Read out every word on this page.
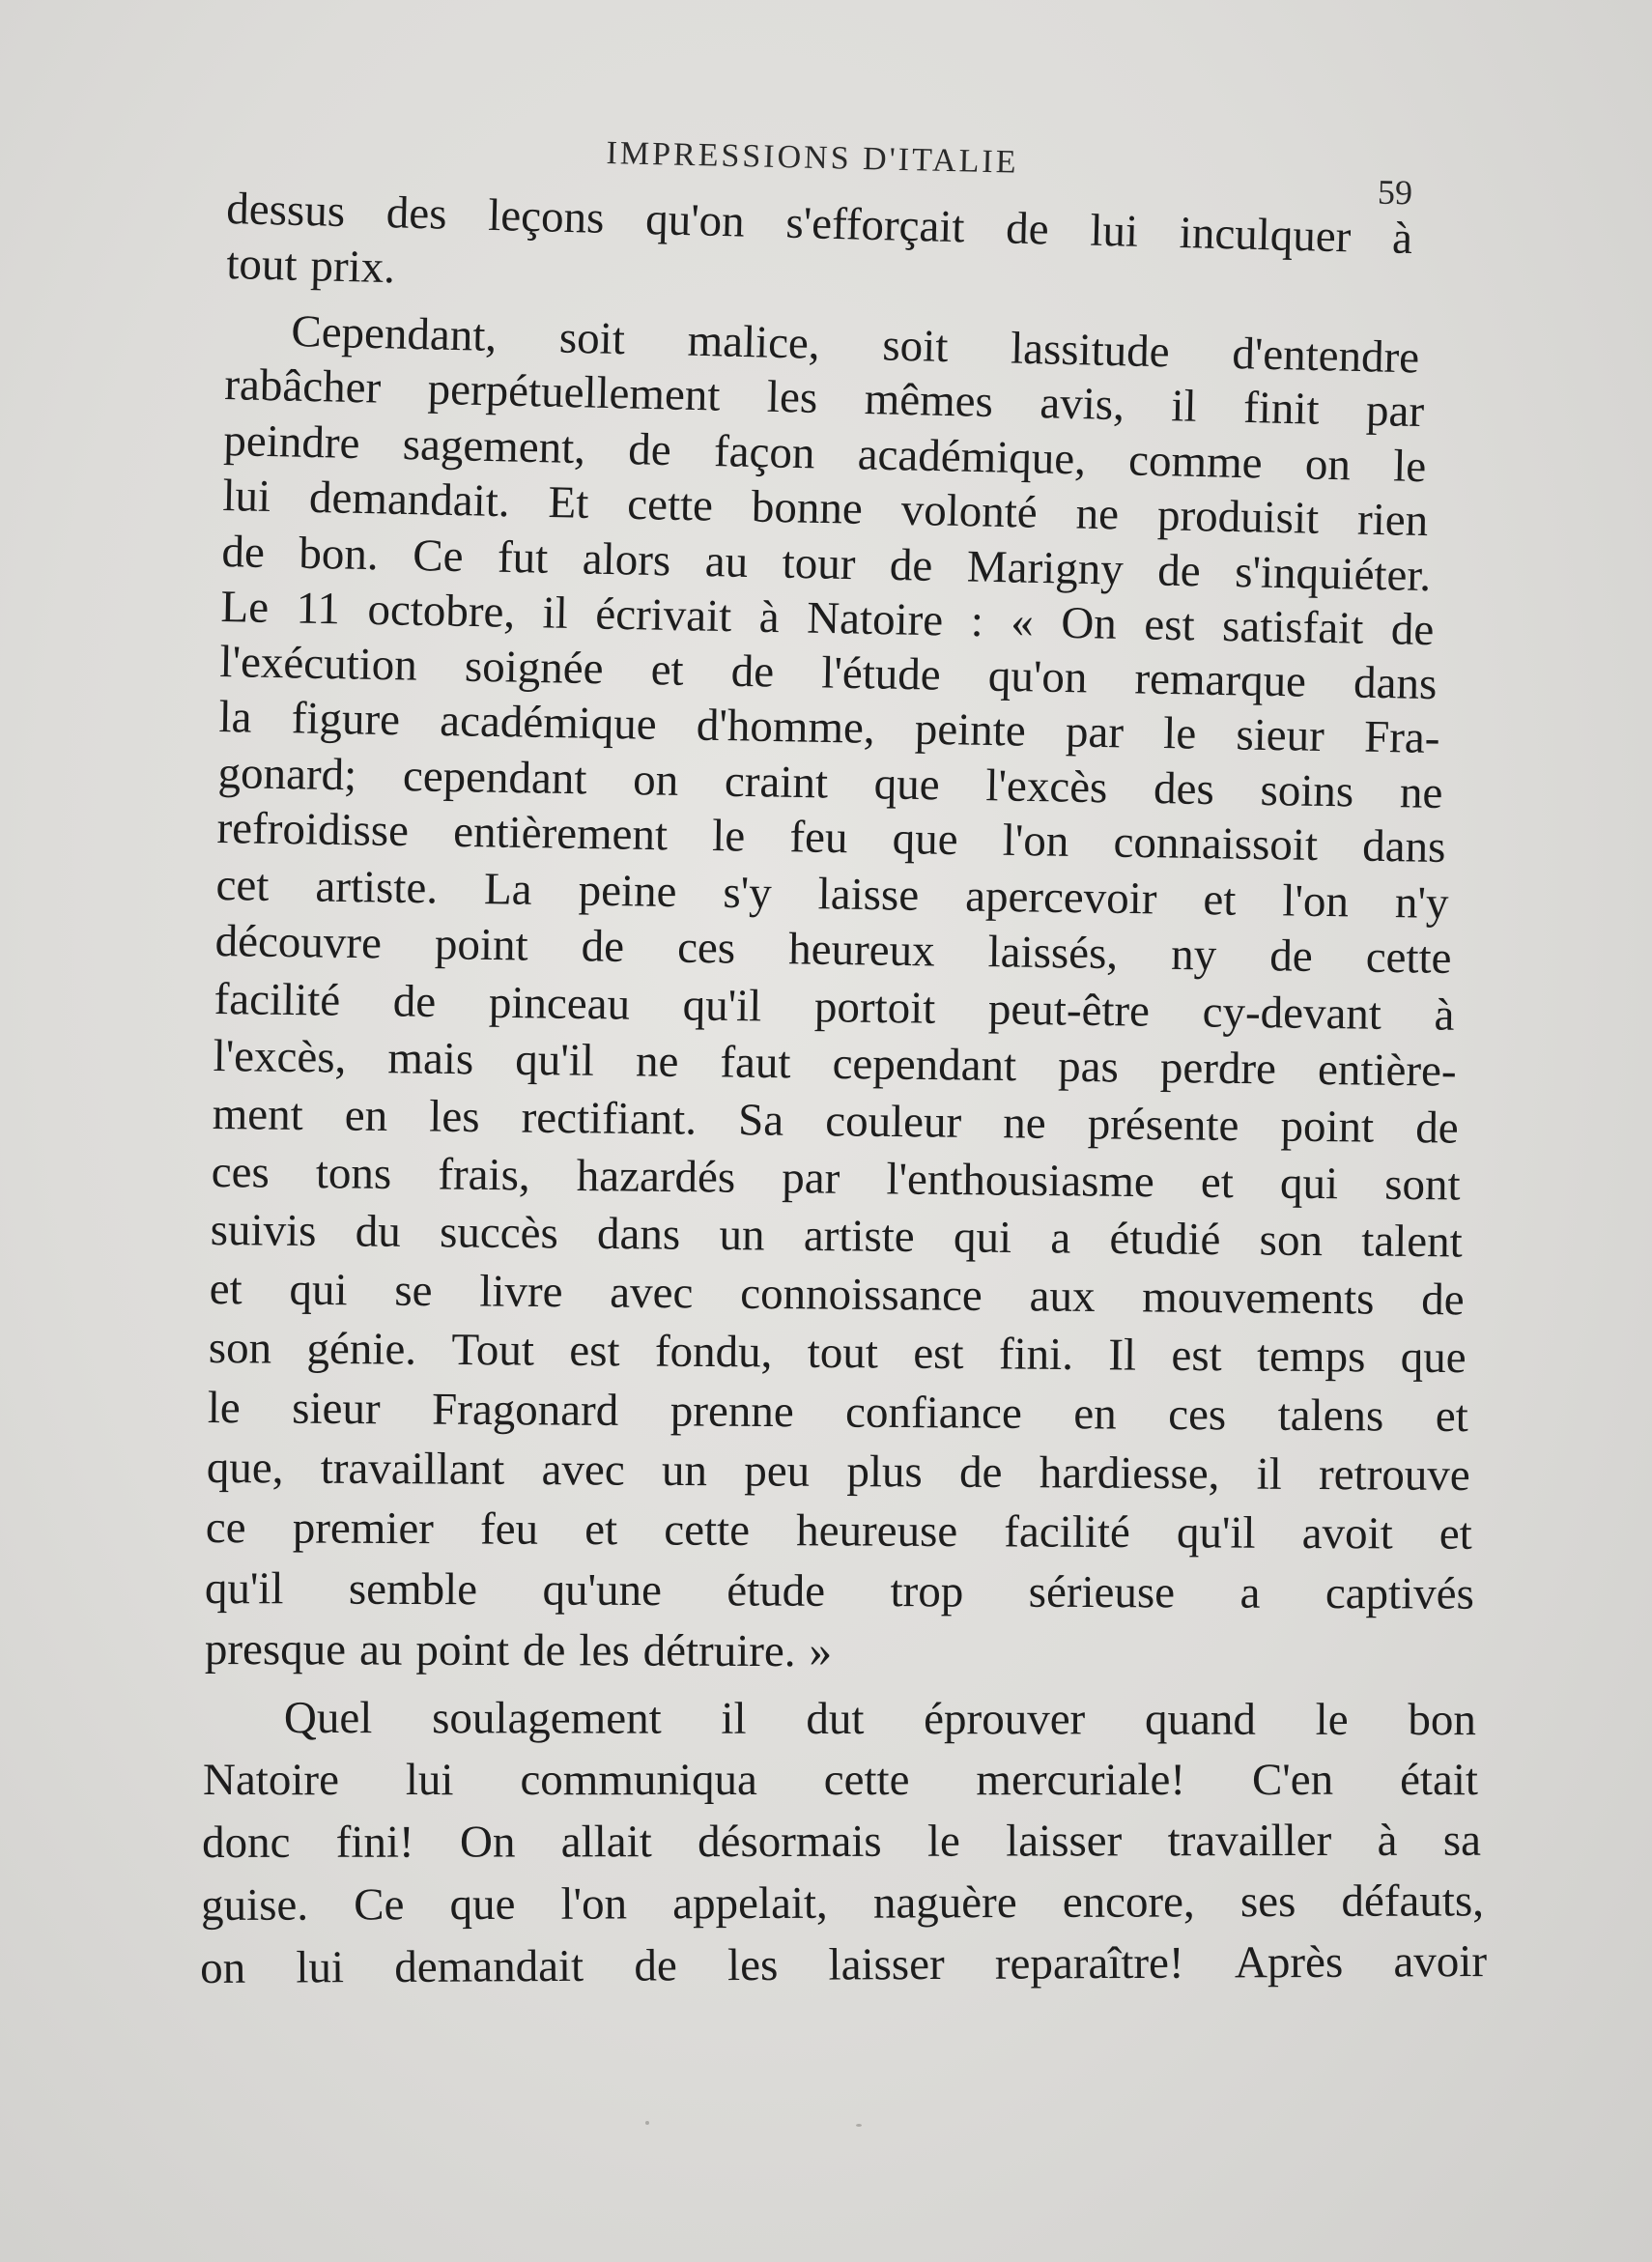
IMPRESSIONS D'ITALIE
59
dessus des leçons qu'on s'efforçait de lui inculquer à
tout prix.
Cependant, soit malice, soit lassitude d'entendre
rabâcher perpétuellement les mêmes avis, il finit par
peindre sagement, de façon académique, comme on le
lui demandait. Et cette bonne volonté ne produisit rien
de bon. Ce fut alors au tour de Marigny de s'inquiéter.
Le 11 octobre, il écrivait à Natoire : « On est satisfait de
l'exécution soignée et de l'étude qu'on remarque dans
la figure académique d'homme, peinte par le sieur Fra-
gonard; cependant on craint que l'excès des soins ne
refroidisse entièrement le feu que l'on connaissoit dans
cet artiste. La peine s'y laisse apercevoir et l'on n'y
découvre point de ces heureux laissés, ny de cette
facilité de pinceau qu'il portoit peut-être cy-devant à
l'excès, mais qu'il ne faut cependant pas perdre entière-
ment en les rectifiant. Sa couleur ne présente point de
ces tons frais, hazardés par l'enthousiasme et qui sont
suivis du succès dans un artiste qui a étudié son talent
et qui se livre avec connoissance aux mouvements de
son génie. Tout est fondu, tout est fini. Il est temps que
le sieur Fragonard prenne confiance en ces talens et
que, travaillant avec un peu plus de hardiesse, il retrouve
ce premier feu et cette heureuse facilité qu'il avoit et
qu'il semble qu'une étude trop sérieuse a captivés
presque au point de les détruire. »
Quel soulagement il dut éprouver quand le bon
Natoire lui communiqua cette mercuriale! C'en était
donc fini! On allait désormais le laisser travailler à sa
guise. Ce que l'on appelait, naguère encore, ses défauts,
on lui demandait de les laisser reparaître! Après avoir
